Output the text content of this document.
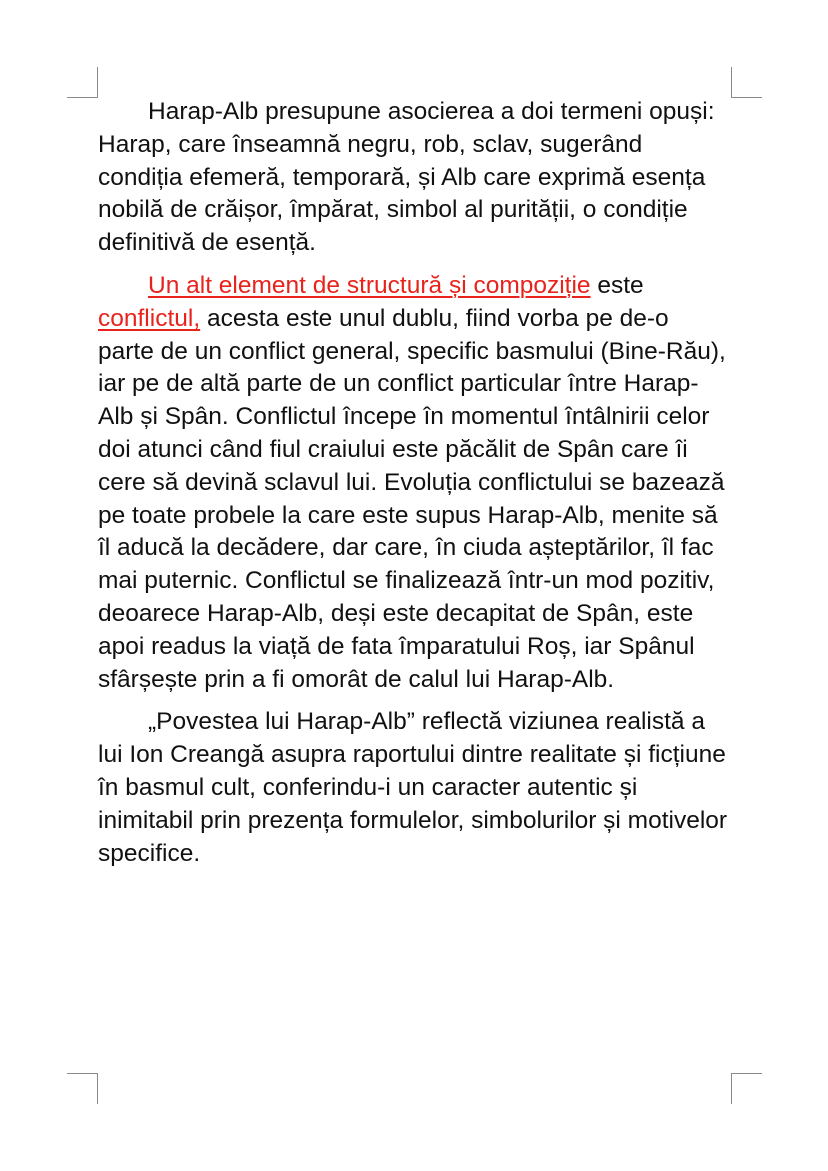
Harap-Alb presupune asocierea a doi termeni opuși: Harap, care înseamnă negru, rob, sclav, sugerând condiția efemeră, temporară, și Alb care exprimă esența nobilă de crăișor, împărat, simbol al purității, o condiție definitivă de esență.

Un alt element de structură și compoziție este conflictul, acesta este unul dublu, fiind vorba pe de-o parte de un conflict general, specific basmului (Bine-Rău), iar pe de altă parte de un conflict particular între Harap-Alb și Spân. Conflictul începe în momentul întâlnirii celor doi atunci când fiul craiului este păcălit de Spân care îi cere să devină sclavul lui. Evoluția conflictului se bazează pe toate probele la care este supus Harap-Alb, menite să îl aducă la decădere, dar care, în ciuda așteptărilor, îl fac mai puternic. Conflictul se finalizează într-un mod pozitiv, deoarece Harap-Alb, deși este decapitat de Spân, este apoi readus la viață de fata împaratului Roș, iar Spânul sfârșește prin a fi omorât de calul lui Harap-Alb.

„Povestea lui Harap-Alb” reflectă viziunea realistă a lui Ion Creangă asupra raportului dintre realitate și ficțiune în basmul cult, conferindu-i un caracter autentic și inimitabil prin prezența formulelor, simbolurilor și motivelor specifice.
